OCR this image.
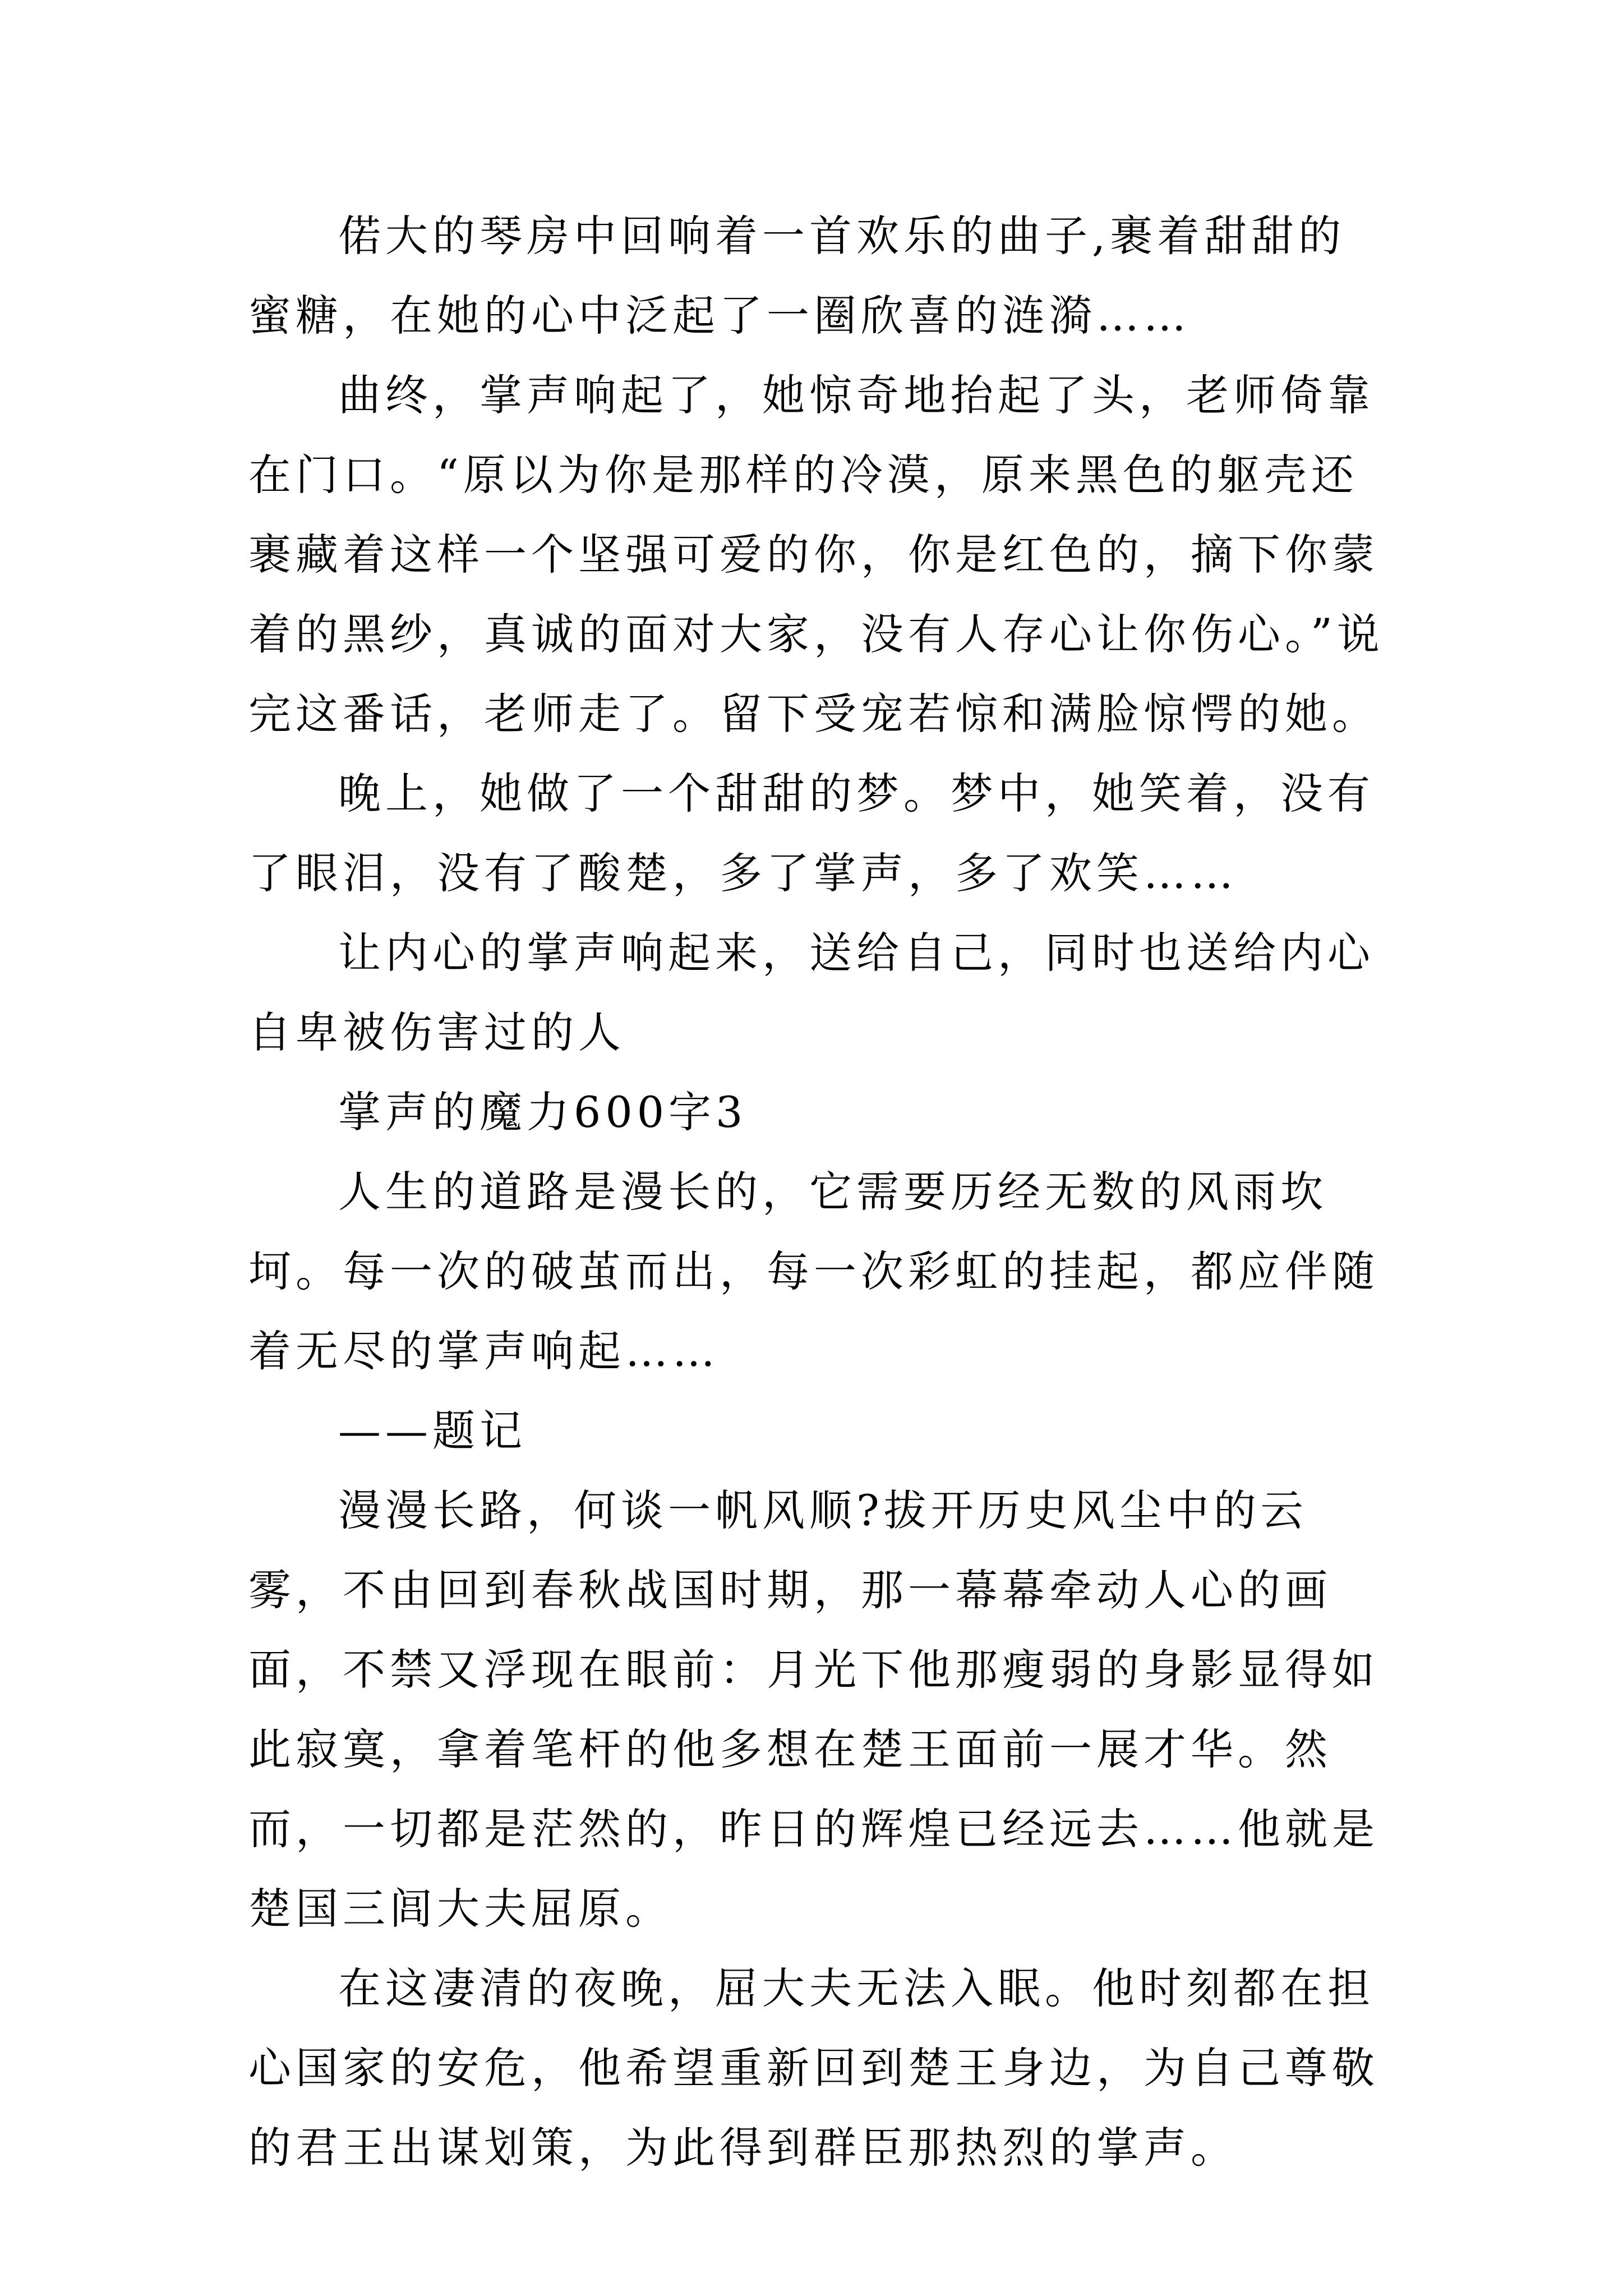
偌大的琴房中回响着一首欢乐的曲子,裹着甜甜的蜜糖，在她的心中泛起了一圈欣喜的涟漪……

曲终，掌声响起了，她惊奇地抬起了头，老师倚靠在门口。“原以为你是那样的冷漠，原来黑色的躯壳还裹藏着这样一个坚强可爱的你，你是红色的，摘下你蒙着的黑纱，真诚的面对大家，没有人存心让你伤心。”说完这番话，老师走了。留下受宠若惊和满脸惊愕的她。

晚上，她做了一个甜甜的梦。梦中，她笑着，没有了眼泪，没有了酸楚，多了掌声，多了欢笑……

让内心的掌声响起来，送给自己，同时也送给内心自卑被伤害过的人

掌声的魔力600字3

人生的道路是漫长的，它需要历经无数的风雨坎坷。每一次的破茧而出，每一次彩虹的挂起，都应伴随着无尽的掌声响起……

——题记

漫漫长路，何谈一帆风顺?拔开历史风尘中的云雾，不由回到春秋战国时期，那一幕幕牵动人心的画面，不禁又浮现在眼前：月光下他那瘦弱的身影显得如此寂寞，拿着笔杆的他多想在楚王面前一展才华。然而，一切都是茫然的，昨日的辉煌已经远去……他就是楚国三闾大夫屈原。

在这凄清的夜晚，屈大夫无法入眠。他时刻都在担心国家的安危，他希望重新回到楚王身边，为自己尊敬的君王出谋划策，为此得到群臣那热烈的掌声。
